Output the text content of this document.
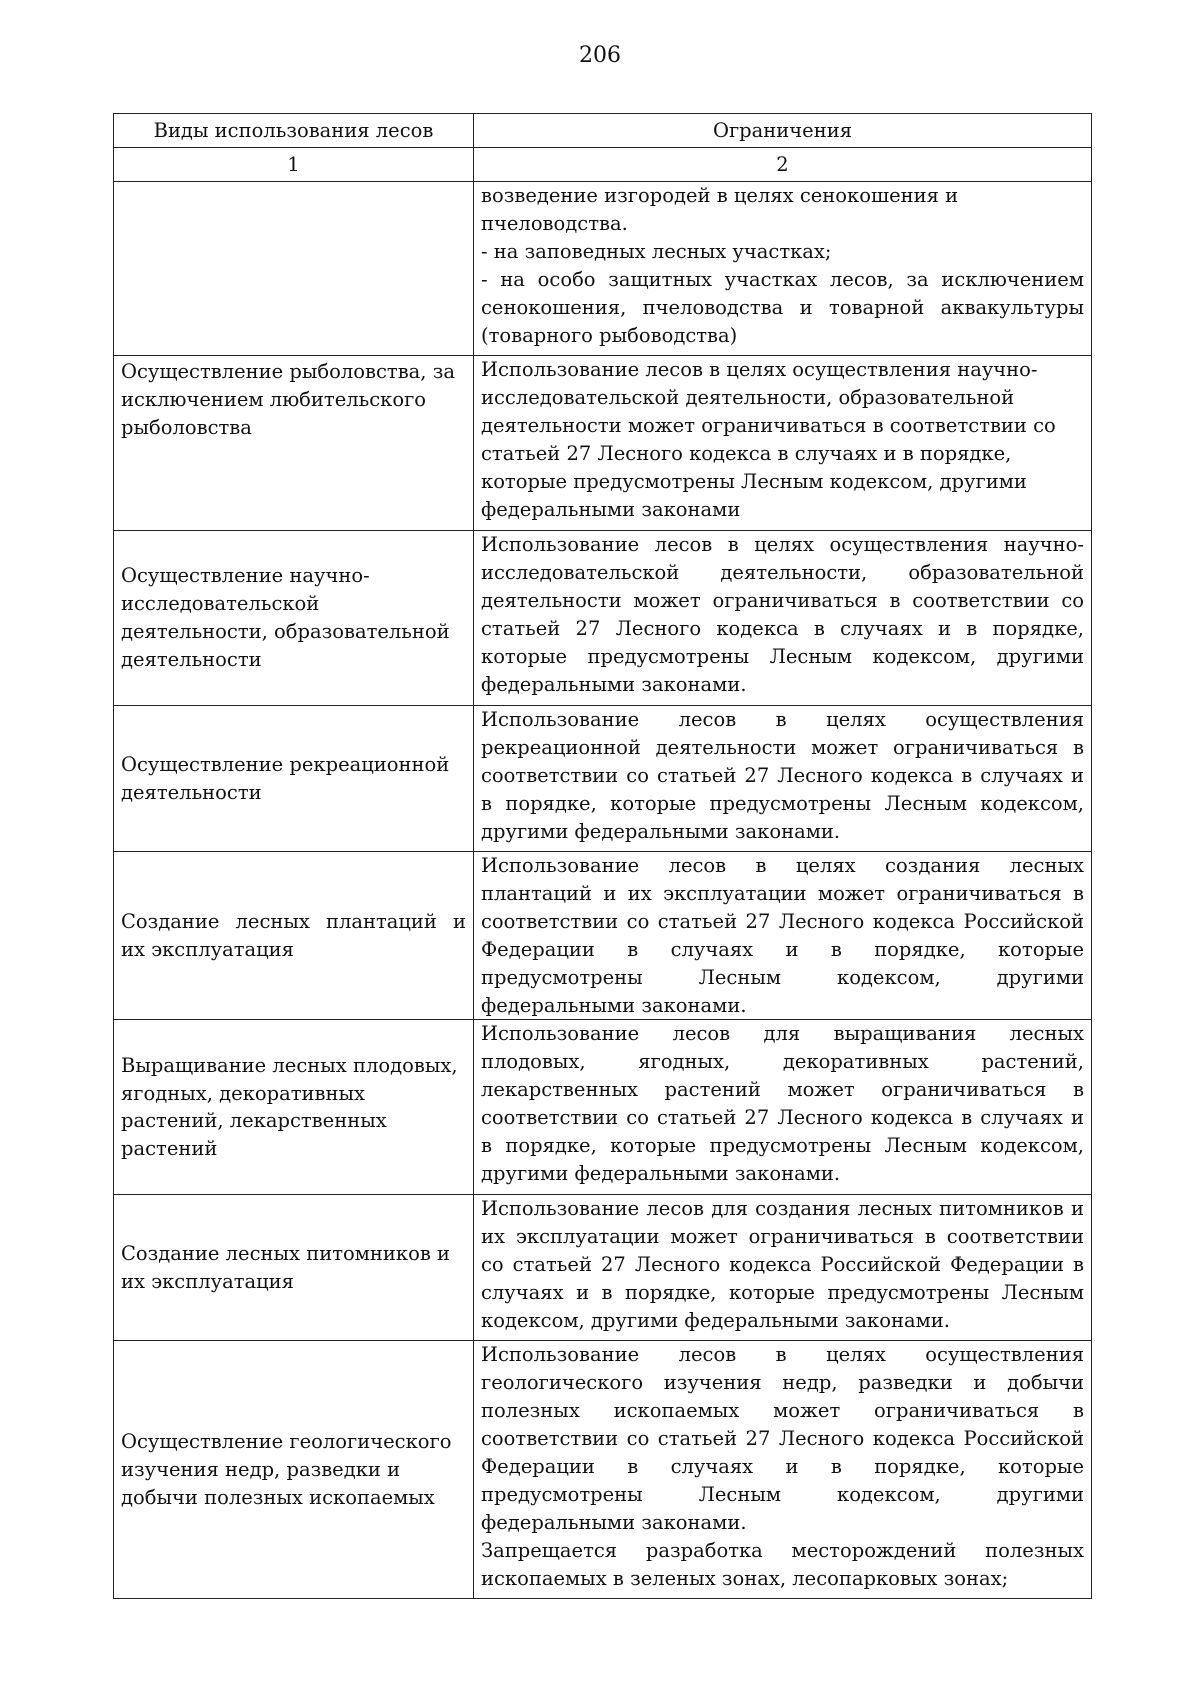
206
Виды использования лесов	Ограничения
1	2

	возведение изгородей в целях сенокошения и пчеловодства.

- на заповедных лесных участках;

- на особо защитных участках лесов, за исключением сенокошения, пчеловодства и товарной аквакультуры (товарного рыбоводства)

Осуществление рыболовства, за исключением любительского рыболовства	Использование лесов в целях осуществления научно-исследовательской деятельности, образовательной деятельности может ограничиваться в соответствии со статьей 27 Лесного кодекса в случаях и в порядке, которые предусмотрены Лесным кодексом, другими федеральными законами

Осуществление научно-исследовательской деятельности, образовательной деятельности	Использование лесов в целях осуществления научно-исследовательской деятельности, образовательной деятельности может ограничиваться в соответствии со статьей 27 Лесного кодекса в случаях и в порядке, которые предусмотрены Лесным кодексом, другими федеральными законами.

Осуществление рекреационной деятельности	Использование лесов в целях осуществления рекреационной деятельности может ограничиваться в соответствии со статьей 27 Лесного кодекса в случаях и в порядке, которые предусмотрены Лесным кодексом, другими федеральными законами.

Создание лесных плантаций и их эксплуатация	Использование лесов в целях создания лесных плантаций и их эксплуатации может ограничиваться в соответствии со статьей 27 Лесного кодекса Российской Федерации в случаях и в порядке, которые предусмотрены Лесным кодексом, другими федеральными законами.

Выращивание лесных плодовых, ягодных, декоративных растений, лекарственных растений	Использование лесов для выращивания лесных плодовых, ягодных, декоративных растений, лекарственных растений может ограничиваться в соответствии со статьей 27 Лесного кодекса в случаях и в порядке, которые предусмотрены Лесным кодексом, другими федеральными законами.

Создание лесных питомников и их эксплуатация	Использование лесов для создания лесных питомников и их эксплуатации может ограничиваться в соответствии со статьей 27 Лесного кодекса Российской Федерации в случаях и в порядке, которые предусмотрены Лесным кодексом, другими федеральными законами.

Осуществление геологического изучения недр, разведки и добычи полезных ископаемых	Использование лесов в целях осуществления геологического изучения недр, разведки и добычи полезных ископаемых может ограничиваться в соответствии со статьей 27 Лесного кодекса Российской Федерации в случаях и в порядке, которые предусмотрены Лесным кодексом, другими федеральными законами.

Запрещается разработка месторождений полезных ископаемых в зеленых зонах, лесопарковых зонах;
